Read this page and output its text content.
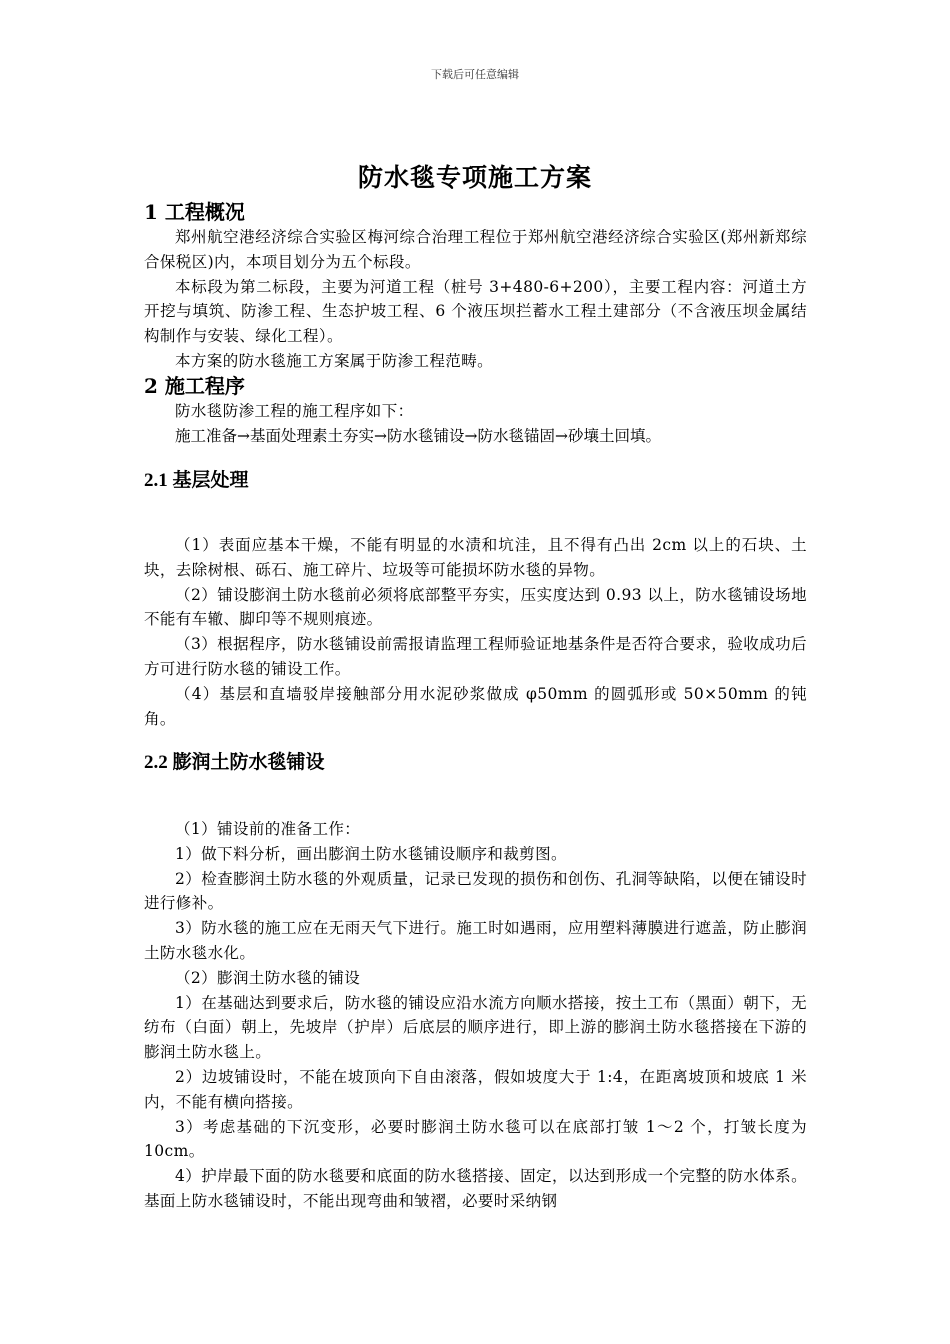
下载后可任意编辑
防水毯专项施工方案
1 工程概况
郑州航空港经济综合实验区梅河综合治理工程位于郑州航空港经济综合实验区(郑州新郑综合保税区)内，本项目划分为五个标段。
本标段为第二标段，主要为河道工程（桩号 3+480-6+200），主要工程内容：河道土方开挖与填筑、防渗工程、生态护坡工程、6 个液压坝拦蓄水工程土建部分（不含液压坝金属结构制作与安装、绿化工程）。
本方案的防水毯施工方案属于防渗工程范畴。
2 施工程序
防水毯防渗工程的施工程序如下：
施工准备→基面处理素土夯实→防水毯铺设→防水毯锚固→砂壤土回填。
2.1 基层处理
（1）表面应基本干燥，不能有明显的水渍和坑洼，且不得有凸出 2cm 以上的石块、土块，去除树根、砾石、施工碎片、垃圾等可能损坏防水毯的异物。
（2）铺设膨润土防水毯前必须将底部整平夯实，压实度达到 0.93 以上，防水毯铺设场地不能有车辙、脚印等不规则痕迹。
（3）根据程序，防水毯铺设前需报请监理工程师验证地基条件是否符合要求，验收成功后方可进行防水毯的铺设工作。
（4）基层和直墙驳岸接触部分用水泥砂浆做成 φ50mm 的圆弧形或 50×50mm 的钝角。
2.2 膨润土防水毯铺设
（1）铺设前的准备工作：
1）做下料分析，画出膨润土防水毯铺设顺序和裁剪图。
2）检查膨润土防水毯的外观质量，记录已发现的损伤和创伤、孔洞等缺陷，以便在铺设时进行修补。
3）防水毯的施工应在无雨天气下进行。施工时如遇雨，应用塑料薄膜进行遮盖，防止膨润土防水毯水化。
（2）膨润土防水毯的铺设
1）在基础达到要求后，防水毯的铺设应沿水流方向顺水搭接，按土工布（黑面）朝下，无纺布（白面）朝上，先坡岸（护岸）后底层的顺序进行，即上游的膨润土防水毯搭接在下游的膨润土防水毯上。
2）边坡铺设时，不能在坡顶向下自由滚落，假如坡度大于 1:4，在距离坡顶和坡底 1 米内，不能有横向搭接。
3）考虑基础的下沉变形，必要时膨润土防水毯可以在底部打皱 1～2 个，打皱长度为 10cm。
4）护岸最下面的防水毯要和底面的防水毯搭接、固定，以达到形成一个完整的防水体系。基面上防水毯铺设时，不能出现弯曲和皱褶，必要时采纳钢
